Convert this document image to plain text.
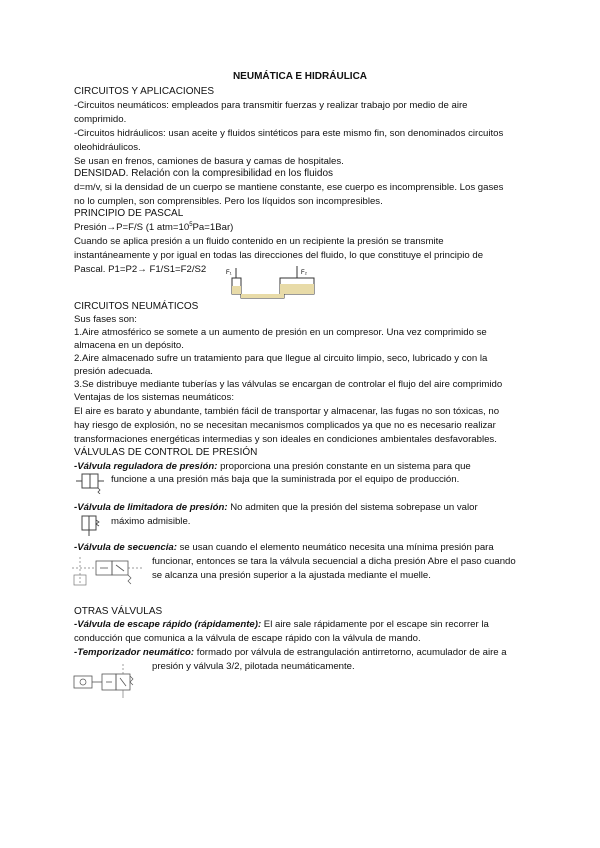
NEUMÁTICA E HIDRÁULICA
CIRCUITOS Y APLICACIONES
-Circuitos neumáticos: empleados para transmitir fuerzas y realizar trabajo por medio de aire
comprimido.
-Circuitos hidráulicos: usan aceite y fluidos sintéticos para este mismo fin, son denominados circuitos
oleohidráulicos.
Se usan en frenos, camiones de basura y camas de hospitales.
DENSIDAD. Relación con la compresibilidad en los fluidos
d=m/v, si la densidad de un cuerpo se mantiene constante, ese cuerpo es incomprensible. Los gases
no lo cumplen, son comprensibles. Pero los líquidos son incompresibles.
PRINCIPIO DE PASCAL
Presión→P=F/S (1 $atm=10^5Pa=1Bar$)
Cuando se aplica presión a un fluido contenido en un recipiente la presión se transmite
instantáneamente y por igual en todas las direcciones del fluido, lo que constituye el principio de
Pascal. P1=P2→ F1/S1=F2/S2	F₁	F₂
CIRCUITOS NEUMÁTICOS
Sus fases son:
1.Aire atmosférico se somete a un aumento de presión en un compresor. Una vez comprimido se
almacena en un depósito.
2.Aire almacenado sufre un tratamiento para que llegue al circuito limpio, seco, lubricado y con la
presión adecuada.
3.Se distribuye mediante tuberías y las válvulas se encargan de controlar el flujo del aire comprimido
Ventajas de los sistemas neumáticos:
El aire es barato y abundante, también fácil de transportar y almacenar, las fugas no son tóxicas, no
hay riesgo de explosión, no se necesitan mecanismos complicados ya que no es necesario realizar
transformaciones energéticas intermedias y son ideales en condiciones ambientales desfavorables.
VÁLVULAS DE CONTROL DE PRESIÓN
-Válvula reguladora de presión: proporciona una presión constante en un sistema para que
funcione a una presión más baja que la suministrada por el equipo de producción.
-Válvula de limitadora de presión: No admiten que la presión del sistema sobrepase un valor
máximo admisible.
-Válvula de secuencia: se usan cuando el elemento neumático necesita una mínima presión para
funcionar, entonces se tara la válvula secuencial a dicha presión Abre el paso cuando
se alcanza una presión superior a la ajustada mediante el muelle.
OTRAS VÁLVULAS
-Válvula de escape rápido (rápidamente): El aire sale rápidamente por el escape sin recorrer la
conducción que comunica a la válvula de escape rápido con la válvula de mando.
-Temporizador neumático: formado por válvula de estrangulación antirretorno, acumulador de aire a
presión y válvula 3/2, pilotada neumáticamente.
